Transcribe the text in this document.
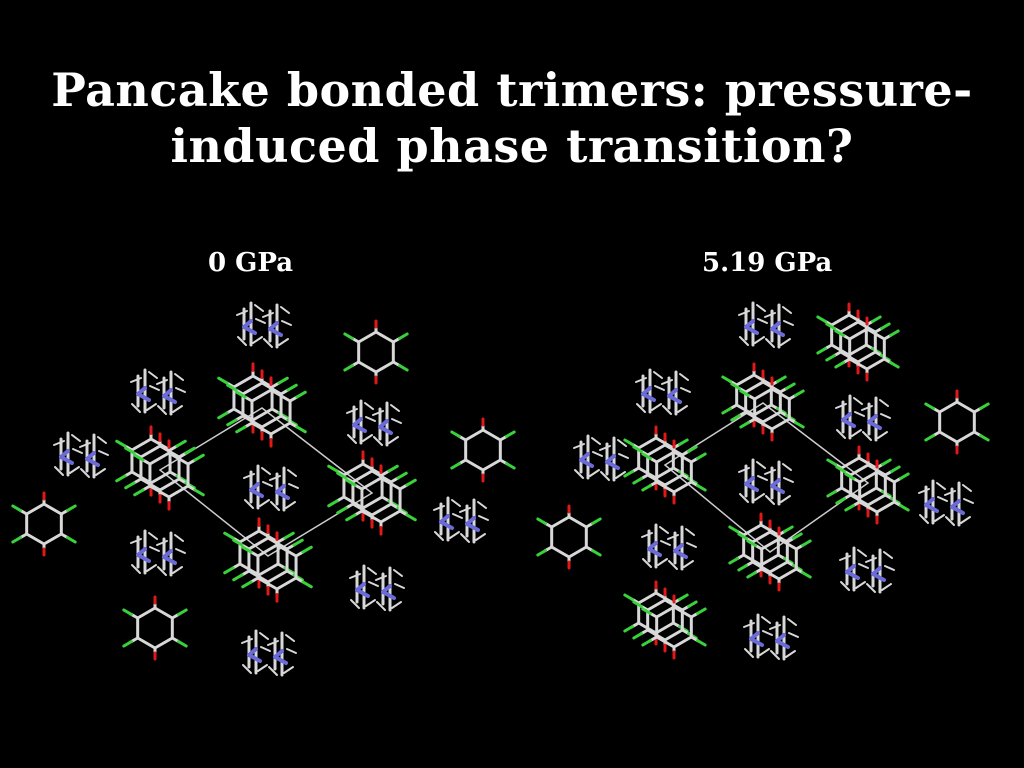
Pancake bonded trimers: pressure-
induced phase transition?
0 GPa	5.19 GPa
